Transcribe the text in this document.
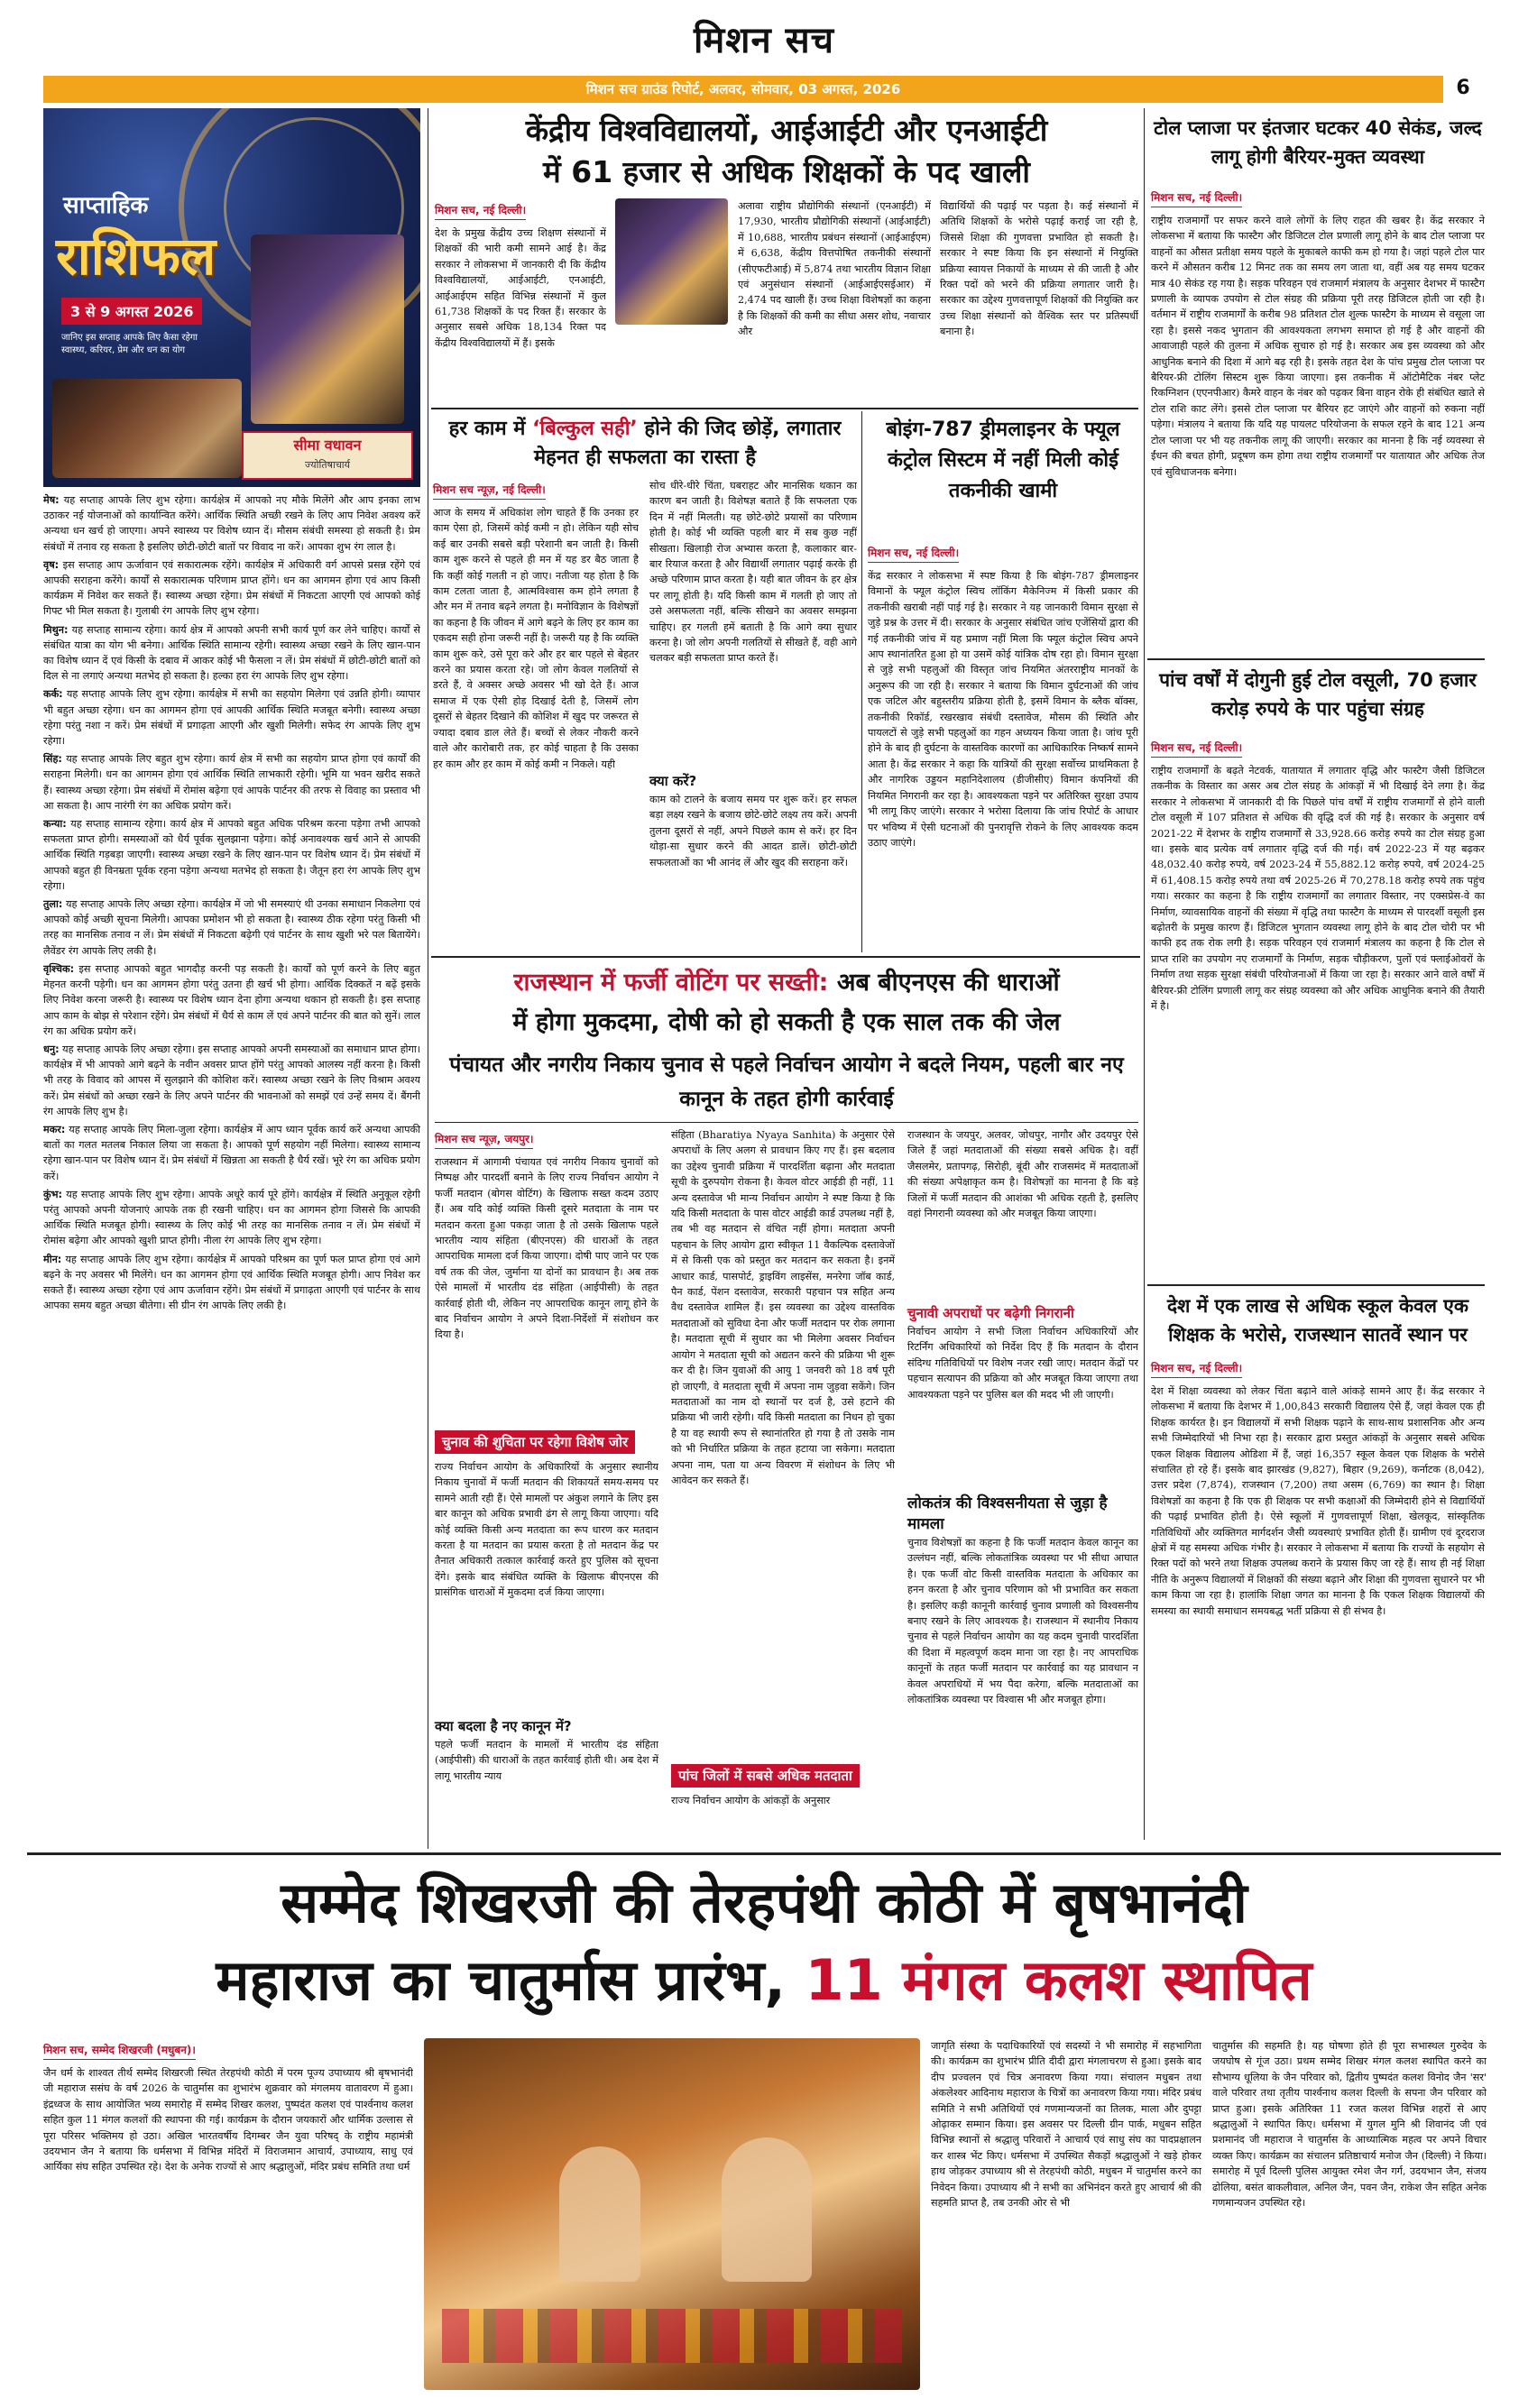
मिशन सच
मिशन सच ग्राउंड रिपोर्ट, अलवर, सोमवार, 03 अगस्त, 2026	6
साप्ताहिक
राशिफल
3 से 9 अगस्त 2026
जानिए इस सप्ताह आपके लिए कैसा रहेगा स्वास्थ्य, करियर, प्रेम और धन का योग
सीमा वधावन
ज्योतिषाचार्य

मेष: यह सप्ताह आपके लिए शुभ रहेगा। कार्यक्षेत्र में आपको नए मौके मिलेंगे और आप इनका लाभ उठाकर नई योजनाओं को कार्यान्वित करेंगे। आर्थिक स्थिति अच्छी रखने के लिए आप निवेश अवश्य करें अन्यथा धन खर्च हो जाएगा। अपने स्वास्थ्य पर विशेष ध्यान दें। मौसम संबंधी समस्या हो सकती है। प्रेम संबंधों में तनाव रह सकता है इसलिए छोटी-छोटी बातों पर विवाद ना करें। आपका शुभ रंग लाल है।

वृष: इस सप्ताह आप ऊर्जावान एवं सकारात्मक रहेंगे। कार्यक्षेत्र में अधिकारी वर्ग आपसे प्रसन्न रहेंगे एवं आपकी सराहना करेंगे। कार्यों से सकारात्मक परिणाम प्राप्त होंगे। धन का आगमन होगा एवं आप किसी कार्यक्रम में निवेश कर सकते हैं। स्वास्थ्य अच्छा रहेगा। प्रेम संबंधों में निकटता आएगी एवं आपको कोई गिफ्ट भी मिल सकता है। गुलाबी रंग आपके लिए शुभ रहेगा।

मिथुन: यह सप्ताह सामान्य रहेगा। कार्य क्षेत्र में आपको अपनी सभी कार्य पूर्ण कर लेने चाहिए। कार्यों से संबंधित यात्रा का योग भी बनेगा। आर्थिक स्थिति सामान्य रहेगी। स्वास्थ्य अच्छा रखने के लिए खान-पान का विशेष ध्यान दें एवं किसी के दबाव में आकर कोई भी फैसला न लें। प्रेम संबंधों में छोटी-छोटी बातों को दिल से ना लगाएं अन्यथा मतभेद हो सकता है। हल्का हरा रंग आपके लिए शुभ रहेगा।

कर्क: यह सप्ताह आपके लिए शुभ रहेगा। कार्यक्षेत्र में सभी का सहयोग मिलेगा एवं उन्नति होगी। व्यापार भी बहुत अच्छा रहेगा। धन का आगमन होगा एवं आपकी आर्थिक स्थिति मजबूत बनेगी। स्वास्थ्य अच्छा रहेगा परंतु नशा न करें। प्रेम संबंधों में प्रगाढ़ता आएगी और खुशी मिलेगी। सफेद रंग आपके लिए शुभ रहेगा।

सिंह: यह सप्ताह आपके लिए बहुत शुभ रहेगा। कार्य क्षेत्र में सभी का सहयोग प्राप्त होगा एवं कार्यों की सराहना मिलेगी। धन का आगमन होगा एवं आर्थिक स्थिति लाभकारी रहेगी। भूमि या भवन खरीद सकते हैं। स्वास्थ्य अच्छा रहेगा। प्रेम संबंधों में रोमांस बढ़ेगा एवं आपके पार्टनर की तरफ से विवाह का प्रस्ताव भी आ सकता है। आप नारंगी रंग का अधिक प्रयोग करें।

कन्या: यह सप्ताह सामान्य रहेगा। कार्य क्षेत्र में आपको बहुत अधिक परिश्रम करना पड़ेगा तभी आपको सफलता प्राप्त होगी। समस्याओं को धैर्य पूर्वक सुलझाना पड़ेगा। कोई अनावश्यक खर्च आने से आपकी आर्थिक स्थिति गड़बड़ा जाएगी। स्वास्थ्य अच्छा रखने के लिए खान-पान पर विशेष ध्यान दें। प्रेम संबंधों में आपको बहुत ही विनम्रता पूर्वक रहना पड़ेगा अन्यथा मतभेद हो सकता है। जैतून हरा रंग आपके लिए शुभ रहेगा।

तुला: यह सप्ताह आपके लिए अच्छा रहेगा। कार्यक्षेत्र में जो भी समस्याएं थी उनका समाधान निकलेगा एवं आपको कोई अच्छी सूचना मिलेगी। आपका प्रमोशन भी हो सकता है। स्वास्थ्य ठीक रहेगा परंतु किसी भी तरह का मानसिक तनाव न लें। प्रेम संबंधों में निकटता बढ़ेगी एवं पार्टनर के साथ खुशी भरे पल बितायेंगे। लैवेंडर रंग आपके लिए लकी है।

वृश्चिक: इस सप्ताह आपको बहुत भागदौड़ करनी पड़ सकती है। कार्यों को पूर्ण करने के लिए बहुत मेहनत करनी पड़ेगी। धन का आगमन होगा परंतु उतना ही खर्च भी होगा। आर्थिक दिक्कतें न बढ़ें इसके लिए निवेश करना जरूरी है। स्वास्थ्य पर विशेष ध्यान देना होगा अन्यथा थकान हो सकती है। इस सप्ताह आप काम के बोझ से परेशान रहेंगे। प्रेम संबंधों में धैर्य से काम लें एवं अपने पार्टनर की बात को सुनें। लाल रंग का अधिक प्रयोग करें।

धनु: यह सप्ताह आपके लिए अच्छा रहेगा। इस सप्ताह आपको अपनी समस्याओं का समाधान प्राप्त होगा। कार्यक्षेत्र में भी आपको आगे बढ़ने के नवीन अवसर प्राप्त होंगे परंतु आपको आलस्य नहीं करना है। किसी भी तरह के विवाद को आपस में सुलझाने की कोशिश करें। स्वास्थ्य अच्छा रखने के लिए विश्राम अवश्य करें। प्रेम संबंधों को अच्छा रखने के लिए अपने पार्टनर की भावनाओं को समझें एवं उन्हें समय दें। बैंगनी रंग आपके लिए शुभ है।

मकर: यह सप्ताह आपके लिए मिला-जुला रहेगा। कार्यक्षेत्र में आप ध्यान पूर्वक कार्य करें अन्यथा आपकी बातों का गलत मतलब निकाल लिया जा सकता है। आपको पूर्ण सहयोग नहीं मिलेगा। स्वास्थ्य सामान्य रहेगा खान-पान पर विशेष ध्यान दें। प्रेम संबंधों में खिन्नता आ सकती है धैर्य रखें। भूरे रंग का अधिक प्रयोग करें।

कुंभ: यह सप्ताह आपके लिए शुभ रहेगा। आपके अधूरे कार्य पूरे होंगे। कार्यक्षेत्र में स्थिति अनुकूल रहेगी परंतु आपको अपनी योजनाएं आपके तक ही रखनी चाहिए। धन का आगमन होगा जिससे कि आपकी आर्थिक स्थिति मजबूत होगी। स्वास्थ्य के लिए कोई भी तरह का मानसिक तनाव न लें। प्रेम संबंधों में रोमांस बढ़ेगा और आपको खुशी प्राप्त होगी। नीला रंग आपके लिए शुभ रहेगा।

मीन: यह सप्ताह आपके लिए शुभ रहेगा। कार्यक्षेत्र में आपको परिश्रम का पूर्ण फल प्राप्त होगा एवं आगे बढ़ने के नए अवसर भी मिलेंगे। धन का आगमन होगा एवं आर्थिक स्थिति मजबूत होगी। आप निवेश कर सकते हैं। स्वास्थ्य अच्छा रहेगा एवं आप ऊर्जावान रहेंगे। प्रेम संबंधों में प्रगाढ़ता आएगी एवं पार्टनर के साथ आपका समय बहुत अच्छा बीतेगा। सी ग्रीन रंग आपके लिए लकी है।

केंद्रीय विश्वविद्यालयों, आईआईटी और एनआईटी
में 61 हजार से अधिक शिक्षकों के पद खाली
मिशन सच, नई दिल्ली।
देश के प्रमुख केंद्रीय उच्च शिक्षण संस्थानों में शिक्षकों की भारी कमी सामने आई है। केंद्र सरकार ने लोकसभा में जानकारी दी कि केंद्रीय विश्वविद्यालयों, आईआईटी, एनआईटी, आईआईएम सहित विभिन्न संस्थानों में कुल 61,738 शिक्षकों के पद रिक्त हैं। सरकार के अनुसार सबसे अधिक 18,134 रिक्त पद केंद्रीय विश्वविद्यालयों में हैं। इसके
अलावा राष्ट्रीय प्रौद्योगिकी संस्थानों (एनआईटी) में 17,930, भारतीय प्रौद्योगिकी संस्थानों (आईआईटी) में 10,688, भारतीय प्रबंधन संस्थानों (आईआईएम) में 6,638, केंद्रीय वित्तपोषित तकनीकी संस्थानों (सीएफटीआई) में 5,874 तथा भारतीय विज्ञान शिक्षा एवं अनुसंधान संस्थानों (आईआईएसईआर) में 2,474 पद खाली हैं। उच्च शिक्षा विशेषज्ञों का कहना है कि शिक्षकों की कमी का सीधा असर शोध, नवाचार और
विद्यार्थियों की पढ़ाई पर पड़ता है। कई संस्थानों में अतिथि शिक्षकों के भरोसे पढ़ाई कराई जा रही है, जिससे शिक्षा की गुणवत्ता प्रभावित हो सकती है। सरकार ने स्पष्ट किया कि इन संस्थानों में नियुक्ति प्रक्रिया स्वायत्त निकायों के माध्यम से की जाती है और रिक्त पदों को भरने की प्रक्रिया लगातार जारी है। सरकार का उद्देश्य गुणवत्तापूर्ण शिक्षकों की नियुक्ति कर उच्च शिक्षा संस्थानों को वैश्विक स्तर पर प्रतिस्पर्धी बनाना है।
हर काम में ‘बिल्कुल सही’ होने की जिद छोड़ें, लगातार मेहनत ही सफलता का रास्ता है
मिशन सच न्यूज़, नई दिल्ली।
आज के समय में अधिकांश लोग चाहते हैं कि उनका हर काम ऐसा हो, जिसमें कोई कमी न हो। लेकिन यही सोच कई बार उनकी सबसे बड़ी परेशानी बन जाती है। किसी काम शुरू करने से पहले ही मन में यह डर बैठ जाता है कि कहीं कोई गलती न हो जाए। नतीजा यह होता है कि काम टलता जाता है, आत्मविश्वास कम होने लगता है और मन में तनाव बढ़ने लगता है। मनोविज्ञान के विशेषज्ञों का कहना है कि जीवन में आगे बढ़ने के लिए हर काम का एकदम सही होना जरूरी नहीं है। जरूरी यह है कि व्यक्ति काम शुरू करे, उसे पूरा करे और हर बार पहले से बेहतर करने का प्रयास करता रहे। जो लोग केवल गलतियों से डरते हैं, वे अक्सर अच्छे अवसर भी खो देते हैं। आज समाज में एक ऐसी होड़ दिखाई देती है, जिसमें लोग दूसरों से बेहतर दिखाने की कोशिश में खुद पर जरूरत से ज्यादा दबाव डाल लेते हैं। बच्चों से लेकर नौकरी करने वाले और कारोबारी तक, हर कोई चाहता है कि उसका हर काम और हर काम में कोई कमी न निकले। यही
सोच धीरे-धीरे चिंता, घबराहट और मानसिक थकान का कारण बन जाती है। विशेषज्ञ बताते हैं कि सफलता एक दिन में नहीं मिलती। यह छोटे-छोटे प्रयासों का परिणाम होती है। कोई भी व्यक्ति पहली बार में सब कुछ नहीं सीखता। खिलाड़ी रोज अभ्यास करता है, कलाकार बार-बार रियाज करता है और विद्यार्थी लगातार पढ़ाई करके ही अच्छे परिणाम प्राप्त करता है। यही बात जीवन के हर क्षेत्र पर लागू होती है। यदि किसी काम में गलती हो जाए तो उसे असफलता नहीं, बल्कि सीखने का अवसर समझना चाहिए। हर गलती हमें बताती है कि आगे क्या सुधार करना है। जो लोग अपनी गलतियों से सीखते हैं, वही आगे चलकर बड़ी सफलता प्राप्त करते हैं।
क्या करें?
काम को टालने के बजाय समय पर शुरू करें। हर सफल बड़ा लक्ष्य रखने के बजाय छोटे-छोटे लक्ष्य तय करें। अपनी तुलना दूसरों से नहीं, अपने पिछले काम से करें। हर दिन थोड़ा-सा सुधार करने की आदत डालें। छोटी-छोटी सफलताओं का भी आनंद लें और खुद की सराहना करें।
बोइंग-787 ड्रीमलाइनर के फ्यूल कंट्रोल सिस्टम में नहीं मिली कोई तकनीकी खामी
मिशन सच, नई दिल्ली।
केंद्र सरकार ने लोकसभा में स्पष्ट किया है कि बोइंग-787 ड्रीमलाइनर विमानों के फ्यूल कंट्रोल स्विच लॉकिंग मैकेनिज्म में किसी प्रकार की तकनीकी खराबी नहीं पाई गई है। सरकार ने यह जानकारी विमान सुरक्षा से जुड़े प्रश्न के उत्तर में दी। सरकार के अनुसार संबंधित जांच एजेंसियों द्वारा की गई तकनीकी जांच में यह प्रमाण नहीं मिला कि फ्यूल कंट्रोल स्विच अपने आप स्थानांतरित हुआ हो या उसमें कोई यांत्रिक दोष रहा हो। विमान सुरक्षा से जुड़े सभी पहलुओं की विस्तृत जांच नियमित अंतरराष्ट्रीय मानकों के अनुरूप की जा रही है। सरकार ने बताया कि विमान दुर्घटनाओं की जांच एक जटिल और बहुस्तरीय प्रक्रिया होती है, इसमें विमान के ब्लैक बॉक्स, तकनीकी रिकॉर्ड, रखरखाव संबंधी दस्तावेज, मौसम की स्थिति और पायलटों से जुड़े सभी पहलुओं का गहन अध्ययन किया जाता है। जांच पूरी होने के बाद ही दुर्घटना के वास्तविक कारणों का आधिकारिक निष्कर्ष सामने आता है। केंद्र सरकार ने कहा कि यात्रियों की सुरक्षा सर्वोच्च प्राथमिकता है और नागरिक उड्डयन महानिदेशालय (डीजीसीए) विमान कंपनियों की नियमित निगरानी कर रहा है। आवश्यकता पड़ने पर अतिरिक्त सुरक्षा उपाय भी लागू किए जाएंगे। सरकार ने भरोसा दिलाया कि जांच रिपोर्ट के आधार पर भविष्य में ऐसी घटनाओं की पुनरावृत्ति रोकने के लिए आवश्यक कदम उठाए जाएंगे।
टोल प्लाजा पर इंतजार घटकर 40 सेकंड, जल्द लागू होगी बैरियर-मुक्त व्यवस्था
मिशन सच, नई दिल्ली।
राष्ट्रीय राजमार्गों पर सफर करने वाले लोगों के लिए राहत की खबर है। केंद्र सरकार ने लोकसभा में बताया कि फास्टैग और डिजिटल टोल प्रणाली लागू होने के बाद टोल प्लाजा पर वाहनों का औसत प्रतीक्षा समय पहले के मुकाबले काफी कम हो गया है। जहां पहले टोल पार करने में औसतन करीब 12 मिनट तक का समय लग जाता था, वहीं अब यह समय घटकर मात्र 40 सेकंड रह गया है। सड़क परिवहन एवं राजमार्ग मंत्रालय के अनुसार देशभर में फास्टैग प्रणाली के व्यापक उपयोग से टोल संग्रह की प्रक्रिया पूरी तरह डिजिटल होती जा रही है। वर्तमान में राष्ट्रीय राजमार्गों के करीब 98 प्रतिशत टोल शुल्क फास्टैग के माध्यम से वसूला जा रहा है। इससे नकद भुगतान की आवश्यकता लगभग समाप्त हो गई है और वाहनों की आवाजाही पहले की तुलना में अधिक सुचारु हो गई है। सरकार अब इस व्यवस्था को और आधुनिक बनाने की दिशा में आगे बढ़ रही है। इसके तहत देश के पांच प्रमुख टोल प्लाजा पर बैरियर-फ्री टोलिंग सिस्टम शुरू किया जाएगा। इस तकनीक में ऑटोमैटिक नंबर प्लेट रिकग्निशन (एएनपीआर) कैमरे वाहन के नंबर को पढ़कर बिना वाहन रोके ही संबंधित खाते से टोल राशि काट लेंगे। इससे टोल प्लाजा पर बैरियर हट जाएंगे और वाहनों को रुकना नहीं पड़ेगा। मंत्रालय ने बताया कि यदि यह पायलट परियोजना के सफल रहने के बाद 121 अन्य टोल प्लाजा पर भी यह तकनीक लागू की जाएगी। सरकार का मानना है कि नई व्यवस्था से ईंधन की बचत होगी, प्रदूषण कम होगा तथा राष्ट्रीय राजमार्गों पर यातायात और अधिक तेज एवं सुविधाजनक बनेगा।
पांच वर्षों में दोगुनी हुई टोल वसूली, 70 हजार करोड़ रुपये के पार पहुंचा संग्रह
मिशन सच, नई दिल्ली।
राष्ट्रीय राजमार्गों के बढ़ते नेटवर्क, यातायात में लगातार वृद्धि और फास्टैग जैसी डिजिटल तकनीक के विस्तार का असर अब टोल संग्रह के आंकड़ों में भी दिखाई देने लगा है। केंद्र सरकार ने लोकसभा में जानकारी दी कि पिछले पांच वर्षों में राष्ट्रीय राजमार्गों से होने वाली टोल वसूली में 107 प्रतिशत से अधिक की वृद्धि दर्ज की गई है। सरकार के अनुसार वर्ष 2021-22 में देशभर के राष्ट्रीय राजमार्गों से 33,928.66 करोड़ रुपये का टोल संग्रह हुआ था। इसके बाद प्रत्येक वर्ष लगातार वृद्धि दर्ज की गई। वर्ष 2022-23 में यह बढ़कर 48,032.40 करोड़ रुपये, वर्ष 2023-24 में 55,882.12 करोड़ रुपये, वर्ष 2024-25 में 61,408.15 करोड़ रुपये तथा वर्ष 2025-26 में 70,278.18 करोड़ रुपये तक पहुंच गया। सरकार का कहना है कि राष्ट्रीय राजमार्गों का लगातार विस्तार, नए एक्सप्रेस-वे का निर्माण, व्यावसायिक वाहनों की संख्या में वृद्धि तथा फास्टैग के माध्यम से पारदर्शी वसूली इस बढ़ोतरी के प्रमुख कारण हैं। डिजिटल भुगतान व्यवस्था लागू होने के बाद टोल चोरी पर भी काफी हद तक रोक लगी है। सड़क परिवहन एवं राजमार्ग मंत्रालय का कहना है कि टोल से प्राप्त राशि का उपयोग नए राजमार्गों के निर्माण, सड़क चौड़ीकरण, पुलों एवं फ्लाईओवरों के निर्माण तथा सड़क सुरक्षा संबंधी परियोजनाओं में किया जा रहा है। सरकार आने वाले वर्षों में बैरियर-फ्री टोलिंग प्रणाली लागू कर संग्रह व्यवस्था को और अधिक आधुनिक बनाने की तैयारी में है।
देश में एक लाख से अधिक स्कूल केवल एक शिक्षक के भरोसे, राजस्थान सातवें स्थान पर
मिशन सच, नई दिल्ली।
देश में शिक्षा व्यवस्था को लेकर चिंता बढ़ाने वाले आंकड़े सामने आए हैं। केंद्र सरकार ने लोकसभा में बताया कि देशभर में 1,00,843 सरकारी विद्यालय ऐसे हैं, जहां केवल एक ही शिक्षक कार्यरत है। इन विद्यालयों में सभी शिक्षक पढ़ाने के साथ-साथ प्रशासनिक और अन्य सभी जिम्मेदारियों भी निभा रहा है। सरकार द्वारा प्रस्तुत आंकड़ों के अनुसार सबसे अधिक एकल शिक्षक विद्यालय ओडिशा में हैं, जहां 16,357 स्कूल केवल एक शिक्षक के भरोसे संचालित हो रहे हैं। इसके बाद झारखंड (9,827), बिहार (9,269), कर्नाटक (8,042), उत्तर प्रदेश (7,874), राजस्थान (7,200) तथा असम (6,769) का स्थान है। शिक्षा विशेषज्ञों का कहना है कि एक ही शिक्षक पर सभी कक्षाओं की जिम्मेदारी होने से विद्यार्थियों की पढ़ाई प्रभावित होती है। ऐसे स्कूलों में गुणवत्तापूर्ण शिक्षा, खेलकूद, सांस्कृतिक गतिविधियों और व्यक्तिगत मार्गदर्शन जैसी व्यवस्थाएं प्रभावित होती हैं। ग्रामीण एवं दूरदराज क्षेत्रों में यह समस्या अधिक गंभीर है। सरकार ने लोकसभा में बताया कि राज्यों के सहयोग से रिक्त पदों को भरने तथा शिक्षक उपलब्ध कराने के प्रयास किए जा रहे हैं। साथ ही नई शिक्षा नीति के अनुरूप विद्यालयों में शिक्षकों की संख्या बढ़ाने और शिक्षा की गुणवत्ता सुधारने पर भी काम किया जा रहा है। हालांकि शिक्षा जगत का मानना है कि एकल शिक्षक विद्यालयों की समस्या का स्थायी समाधान समयबद्ध भर्ती प्रक्रिया से ही संभव है।
राजस्थान में फर्जी वोटिंग पर सख्ती: अब बीएनएस की धाराओं
में होगा मुकदमा, दोषी को हो सकती है एक साल तक की जेल
पंचायत और नगरीय निकाय चुनाव से पहले निर्वाचन आयोग ने बदले नियम, पहली बार नए कानून के तहत होगी कार्रवाई
मिशन सच न्यूज़, जयपुर।
राजस्थान में आगामी पंचायत एवं नगरीय निकाय चुनावों को निष्पक्ष और पारदर्शी बनाने के लिए राज्य निर्वाचन आयोग ने फर्जी मतदान (बोगस वोटिंग) के खिलाफ सख्त कदम उठाए हैं। अब यदि कोई व्यक्ति किसी दूसरे मतदाता के नाम पर मतदान करता हुआ पकड़ा जाता है तो उसके खिलाफ पहले भारतीय न्याय संहिता (बीएनएस) की धाराओं के तहत आपराधिक मामला दर्ज किया जाएगा। दोषी पाए जाने पर एक वर्ष तक की जेल, जुर्माना या दोनों का प्रावधान है। अब तक ऐसे मामलों में भारतीय दंड संहिता (आईपीसी) के तहत कार्रवाई होती थी, लेकिन नए आपराधिक कानून लागू होने के बाद निर्वाचन आयोग ने अपने दिशा-निर्देशों में संशोधन कर दिया है।
चुनाव की शुचिता पर रहेगा विशेष जोर
राज्य निर्वाचन आयोग के अधिकारियों के अनुसार स्थानीय निकाय चुनावों में फर्जी मतदान की शिकायतें समय-समय पर सामने आती रही हैं। ऐसे मामलों पर अंकुश लगाने के लिए इस बार कानून को अधिक प्रभावी ढंग से लागू किया जाएगा। यदि कोई व्यक्ति किसी अन्य मतदाता का रूप धारण कर मतदान करता है या मतदान का प्रयास करता है तो मतदान केंद्र पर तैनात अधिकारी तत्काल कार्रवाई करते हुए पुलिस को सूचना देंगे। इसके बाद संबंधित व्यक्ति के खिलाफ बीएनएस की प्रासंगिक धाराओं में मुकदमा दर्ज किया जाएगा।
क्या बदला है नए कानून में?
पहले फर्जी मतदान के मामलों में भारतीय दंड संहिता (आईपीसी) की धाराओं के तहत कार्रवाई होती थी। अब देश में लागू भारतीय न्याय
संहिता (Bharatiya Nyaya Sanhita) के अनुसार ऐसे अपराधों के लिए अलग से प्रावधान किए गए हैं। इस बदलाव का उद्देश्य चुनावी प्रक्रिया में पारदर्शिता बढ़ाना और मतदाता सूची के दुरुपयोग रोकना है। केवल वोटर आईडी ही नहीं, 11 अन्य दस्तावेज भी मान्य निर्वाचन आयोग ने स्पष्ट किया है कि यदि किसी मतदाता के पास वोटर आईडी कार्ड उपलब्ध नहीं है, तब भी वह मतदान से वंचित नहीं होगा। मतदाता अपनी पहचान के लिए आयोग द्वारा स्वीकृत 11 वैकल्पिक दस्तावेजों में से किसी एक को प्रस्तुत कर मतदान कर सकता है। इनमें आधार कार्ड, पासपोर्ट, ड्राइविंग लाइसेंस, मनरेगा जॉब कार्ड, पैन कार्ड, पेंशन दस्तावेज, सरकारी पहचान पत्र सहित अन्य वैध दस्तावेज शामिल हैं। इस व्यवस्था का उद्देश्य वास्तविक मतदाताओं को सुविधा देना और फर्जी मतदान पर रोक लगाना है। मतदाता सूची में सुधार का भी मिलेगा अवसर निर्वाचन आयोग ने मतदाता सूची को अद्यतन करने की प्रक्रिया भी शुरू कर दी है। जिन युवाओं की आयु 1 जनवरी को 18 वर्ष पूरी हो जाएगी, वे मतदाता सूची में अपना नाम जुड़वा सकेंगे। जिन मतदाताओं का नाम दो स्थानों पर दर्ज है, उसे हटाने की प्रक्रिया भी जारी रहेगी। यदि किसी मतदाता का निधन हो चुका है या वह स्थायी रूप से स्थानांतरित हो गया है तो उसके नाम को भी निर्धारित प्रक्रिया के तहत हटाया जा सकेगा। मतदाता अपना नाम, पता या अन्य विवरण में संशोधन के लिए भी आवेदन कर सकते हैं।
पांच जिलों में सबसे अधिक मतदाता
राज्य निर्वाचन आयोग के आंकड़ों के अनुसार
राजस्थान के जयपुर, अलवर, जोधपुर, नागौर और उदयपुर ऐसे जिले हैं जहां मतदाताओं की संख्या सबसे अधिक है। वहीं जैसलमेर, प्रतापगढ़, सिरोही, बूंदी और राजसमंद में मतदाताओं की संख्या अपेक्षाकृत कम है। विशेषज्ञों का मानना है कि बड़े जिलों में फर्जी मतदान की आशंका भी अधिक रहती है, इसलिए वहां निगरानी व्यवस्था को और मजबूत किया जाएगा।
चुनावी अपराधों पर बढ़ेगी निगरानी
निर्वाचन आयोग ने सभी जिला निर्वाचन अधिकारियों और रिटर्निंग अधिकारियों को निर्देश दिए हैं कि मतदान के दौरान संदिग्ध गतिविधियों पर विशेष नजर रखी जाए। मतदान केंद्रों पर पहचान सत्यापन की प्रक्रिया को और मजबूत किया जाएगा तथा आवश्यकता पड़ने पर पुलिस बल की मदद भी ली जाएगी।
लोकतंत्र की विश्वसनीयता से जुड़ा है मामला
चुनाव विशेषज्ञों का कहना है कि फर्जी मतदान केवल कानून का उल्लंघन नहीं, बल्कि लोकतांत्रिक व्यवस्था पर भी सीधा आघात है। एक फर्जी वोट किसी वास्तविक मतदाता के अधिकार का हनन करता है और चुनाव परिणाम को भी प्रभावित कर सकता है। इसलिए कड़ी कानूनी कार्रवाई चुनाव प्रणाली को विश्वसनीय बनाए रखने के लिए आवश्यक है। राजस्थान में स्थानीय निकाय चुनाव से पहले निर्वाचन आयोग का यह कदम चुनावी पारदर्शिता की दिशा में महत्वपूर्ण कदम माना जा रहा है। नए आपराधिक कानूनों के तहत फर्जी मतदान पर कार्रवाई का यह प्रावधान न केवल अपराधियों में भय पैदा करेगा, बल्कि मतदाताओं का लोकतांत्रिक व्यवस्था पर विश्वास भी और मजबूत होगा।
सम्मेद शिखरजी की तेरहपंथी कोठी में बृषभानंदी
महाराज का चातुर्मास प्रारंभ, 11 मंगल कलश स्थापित
मिशन सच, सम्मेद शिखरजी (मधुबन)।
जैन धर्म के शाश्वत तीर्थ सम्मेद शिखरजी स्थित तेरहपंथी कोठी में परम पूज्य उपाध्याय श्री बृषभानंदी जी महाराज ससंघ के वर्ष 2026 के चातुर्मास का शुभारंभ शुक्रवार को मंगलमय वातावरण में हुआ। इंद्रध्वज के साथ आयोजित भव्य समारोह में सम्मेद शिखर कलश, पुष्पदंत कलश एवं पार्श्वनाथ कलश सहित कुल 11 मंगल कलशों की स्थापना की गई। कार्यक्रम के दौरान जयकारों और धार्मिक उल्लास से पूरा परिसर भक्तिमय हो उठा। अखिल भारतवर्षीय दिगम्बर जैन युवा परिषद् के राष्ट्रीय महामंत्री उदयभान जैन ने बताया कि धर्मसभा में विभिन्न मंदिरों में विराजमान आचार्य, उपाध्याय, साधु एवं आर्यिका संघ सहित उपस्थित रहे। देश के अनेक राज्यों से आए श्रद्धालुओं, मंदिर प्रबंध समिति तथा धर्म
जागृति संस्था के पदाधिकारियों एवं सदस्यों ने भी समारोह में सहभागिता की। कार्यक्रम का शुभारंभ प्रीति दीदी द्वारा मंगलाचरण से हुआ। इसके बाद दीप प्रज्वलन एवं चित्र अनावरण किया गया। संचालन मधुबन तथा अंकलेश्वर आदिनाथ महाराज के चित्रों का अनावरण किया गया। मंदिर प्रबंध समिति ने सभी अतिथियों एवं गणमान्यजनों का तिलक, माला और दुपट्टा ओढ़ाकर सम्मान किया। इस अवसर पर दिल्ली ग्रीन पार्क, मधुबन सहित विभिन्न स्थानों से श्रद्धालु परिवारों ने आचार्य एवं साधु संघ का पादप्रक्षालन कर शास्त्र भेंट किए। धर्मसभा में उपस्थित सैकड़ों श्रद्धालुओं ने खड़े होकर हाथ जोड़कर उपाध्याय श्री से तेरहपंथी कोठी, मधुबन में चातुर्मास करने का निवेदन किया। उपाध्याय श्री ने सभी का अभिनंदन करते हुए आचार्य श्री की सहमति प्राप्त है, तब उनकी ओर से भी
चातुर्मास की सहमति है। यह घोषणा होते ही पूरा सभास्थल गुरुदेव के जयघोष से गूंज उठा। प्रथम सम्मेद शिखर मंगल कलश स्थापित करने का सौभाग्य धूलिया के जैन परिवार को, द्वितीय पुष्पदंत कलश विनोद जैन 'सर' वाले परिवार तथा तृतीय पार्श्वनाथ कलश दिल्ली के सपना जैन परिवार को प्राप्त हुआ। इसके अतिरिक्त 11 रजत कलश विभिन्न शहरों से आए श्रद्धालुओं ने स्थापित किए। धर्मसभा में युगल मुनि श्री शिवानंद जी एवं प्रशमानंद जी महाराज ने चातुर्मास के आध्यात्मिक महत्व पर अपने विचार व्यक्त किए। कार्यक्रम का संचालन प्रतिष्ठाचार्य मनोज जैन (दिल्ली) ने किया। समारोह में पूर्व दिल्ली पुलिस आयुक्त रमेश जैन गर्ग, उदयभान जैन, संजय ढोलिया, बसंत बाकलीवाल, अनिल जैन, पवन जैन, राकेश जैन सहित अनेक गणमान्यजन उपस्थित रहे।
